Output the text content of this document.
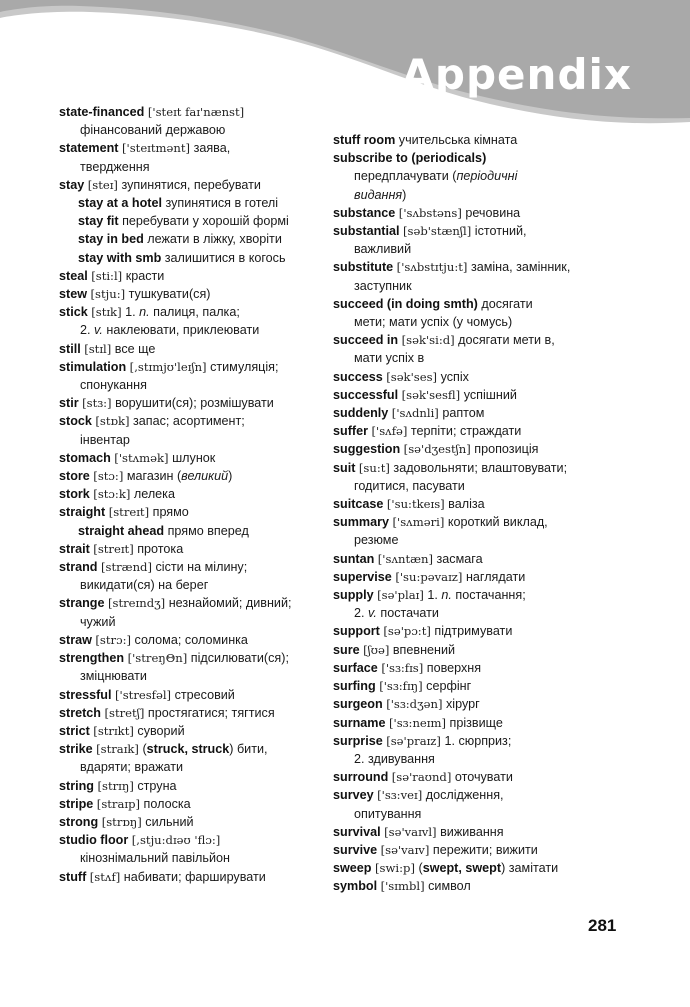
Appendix
state-financed ['steɪt faɪ'nænst]
фінансований державою
statement ['steɪtmənt] заява,
твердження
stay [steɪ] зупинятися, перебувати
stay at a hotel зупинятися в готелі
stay fit перебувати у хорошій формі
stay in bed лежати в ліжку, хворіти
stay with smb залишитися в когось
steal [sti:l] красти
stew [stju:] тушкувати(ся)
stick [stɪk] 1. n. палиця, палка;
2. v. наклеювати, приклеювати
still [stɪl] все ще
stimulation [,stɪmjʊ'leɪʃn] стимуляція;
спонукання
stir [stɜ:] ворушити(ся); розмішувати
stock [stɒk] запас; асортимент;
інвентар
stomach ['stʌmək] шлунок
store [stɔ:] магазин (великий)
stork [stɔ:k] лелека
straight [streɪt] прямо
straight ahead прямо вперед
strait [streɪt] протока
strand [strænd] сісти на мілину;
викидати(ся) на берег
strange [streɪndʒ] незнайомий; дивний;
чужий
straw [strɔ:] солома; соломинка
strengthen ['streŋΘn] підсилювати(ся);
зміцнювати
stressful ['stresfəl] стресовий
stretch [stretʃ] простягатися; тягтися
strict [strɪkt] суворий
strike [straɪk] (struck, struck) бити,
вдаряти; вражати
string [strɪŋ] струна
stripe [straɪp] полоска
strong [strɒŋ] сильний
studio floor [,stju:dɪəʊ 'flɔ:]
кінознімальний павільйон
stuff [stʌf] набивати; фарширувати
stuff room учительська кімната
subscribe to (periodicals)
передплачувати (періодичні
видання)
substance ['sʌbstəns] речовина
substantial [səb'stænʃl] істотний,
важливий
substitute ['sʌbstɪtju:t] заміна, замінник,
заступник
succeed (in doing smth) досягати
мети; мати успіх (у чомусь)
succeed in [sək'si:d] досягати мети в,
мати успіх в
success [sək'ses] успіх
successful [sək'sesfl] успішний
suddenly ['sʌdnli] раптом
suffer ['sʌfə] терпіти; страждати
suggestion [sə'dʒestʃn] пропозиція
suit [su:t] задовольняти; влаштовувати;
годитися, пасувати
suitcase ['su:tkeɪs] валіза
summary ['sʌməri] короткий виклад,
резюме
suntan ['sʌntæn] засмага
supervise ['su:pəvaɪz] наглядати
supply [sə'plaɪ] 1. n. постачання;
2. v. постачати
support [sə'pɔ:t] підтримувати
sure [ʃʊə] впевнений
surface ['sɜ:fɪs] поверхня
surfing ['sɜ:fɪŋ] серфінг
surgeon ['sɜ:dʒən] хірург
surname ['sɜ:neɪm] прізвище
surprise [sə'praɪz] 1. сюрприз;
2. здивування
surround [sə'raʊnd] оточувати
survey ['sɜ:veɪ] дослідження,
опитування
survival [sə'vaɪvl] виживання
survive [sə'vaɪv] пережити; вижити
sweep [swi:p] (swept, swept) замітати
symbol ['sɪmbl] символ
281
